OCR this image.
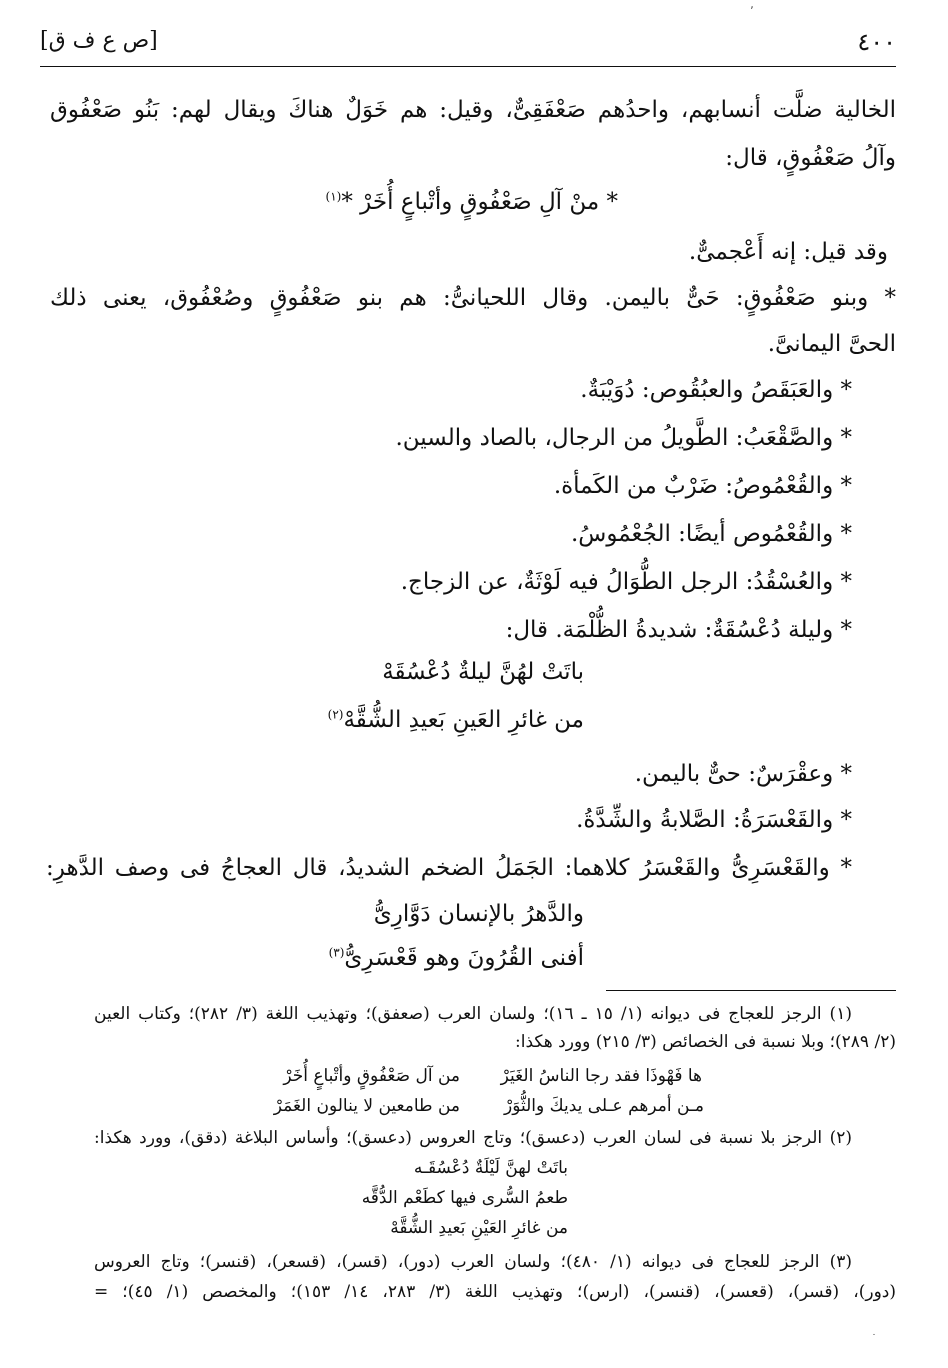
٬
٤٠٠
[ص ع ف ق]
الخالية ضلَّت أنسابهم، واحدُهم صَعْفَقِىٌّ، وقيل: هم خَوَلٌ هناكَ ويقال لهم: بَنُو صَعْفُوق
وآلُ صَعْفُوقٍ، قال:
* منْ آلِ صَعْفُوقٍ وأتْباعٍ أُخَرْ *$^{(١)}$
وقد قيل: إنه أَعْجمىٌّ.
* وبنو صَعْفُوقٍ: حَىٌّ باليمن. وقال اللحيانىُّ: هم بنو صَعْفُوقٍ وصُعْفُوق، يعنى ذلك
الحىَّ اليمانىَّ.
* والعَبَقَصُ والعبُقُوص: دُوَيْبَةٌ.
* والصَّقْعَبُ: الطَّويلُ من الرجال، بالصاد والسين.
* والقُعْمُوصُ: ضَرْبٌ من الكَمأة.
* والقُعْمُوص أيضًا: الجُعْمُوسُ.
* والعُسْقُدُ: الرجل الطُّوَالُ فيه لَوْثَةٌ، عن الزجاج.
* وليلة دُعْسُقَةٌ: شديدةُ الظُّلْمَة. قال:
باتَتْ لهُنَّ ليلةٌ دُعْسُقَهْ
من غائرِ العَينِ بَعيدِ الشُّقَّهْ$^{(٢)}$
* وعقْرَسٌ: حىٌّ باليمن.
* والقَعْسَرَةُ: الصَّلابةُ والشِّدَّةُ.
* والقَعْسَرِىُّ والقَعْسَرُ كلاهما: الجَمَلُ الضخم الشديدُ، قال العجاجُ فى وصف الدَّهرِ:
والدَّهرُ بالإنسان دَوَّارِىُّ
أفنى القُرُونَ وهو قَعْسَرِىُّ$^{(٣)}$
(١) الرجز للعجاج فى ديوانه (١/ ١٥ ـ ١٦)؛ ولسان العرب (صعفق)؛ وتهذيب اللغة (٣/ ٢٨٢)؛ وكتاب العين
(٢/ ٢٨٩)؛ وبلا نسبة فى الخصائص (٣/ ٢١٥) وورد هكذا:
ها فَهْوذَا فقد رجا الناسُ الغَيَرْ
من آل صَعْفُوقٍ وأتْباعٍ أُخَرْ
مـن أمرهم عـلى يديكَ والثُّوَرْ
من طامعين لا ينالون الغَمَرْ
(٢) الرجز بلا نسبة فى لسان العرب (دعسق)؛ وتاج العروس (دعسق)؛ وأساس البلاغة (دقق)، وورد هكذا:
باتَتْ لهنَّ لَيْلَةٌ دُعْسُقَـه
طعمُ السُّرى فيها كطَعْم الدُّقَّه
من غائرِ العَيْنِ بَعيدِ الشُّقَّهْ
(٣) الرجز للعجاج فى ديوانه (١/ ٤٨٠)؛ ولسان العرب (دور)، (قسر)، (قسعر)، (قنسر)؛ وتاج العروس
(دور)، (قسر)، (قعسر)، (قنسر)، (ارس)؛ وتهذيب اللغة (٣/ ٢٨٣، ١٤/ ١٥٣)؛ والمخصص (١/ ٤٥)؛ =
